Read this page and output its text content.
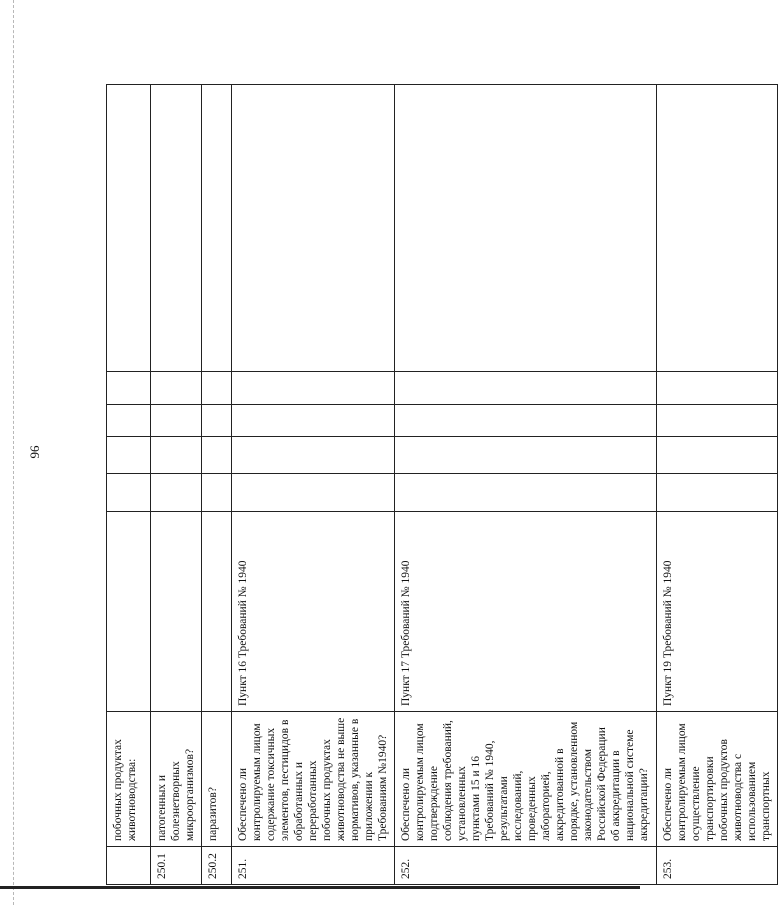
96
	побочных продуктах животноводства:						
250.1	патогенных и болезнетворных микроорганизмов?						
250.2	паразитов?						
251.	Обеспечено ли контролируемым лицом содержание токсичных элементов, пестицидов в обработанных и переработанных побочных продуктах животноводства не выше нормативов, указанные в приложении к Требованиям №1940?	Пункт 16 Требований № 1940					
252.	Обеспечено ли контролируемым лицом подтверждение соблюдения требований, установленных пунктами 15 и 16 Требований № 1940, результатами исследований, проведенных лабораторией, аккредитованной в порядке, установленном законодательством Российской Федерации об аккредитации в национальной системе аккредитации?	Пункт 17 Требований № 1940					
253.	Обеспечено ли контролируемым лицом осуществление транспортировки побочных продуктов животноводства с использованием транспортных	Пункт 19 Требований № 1940					
